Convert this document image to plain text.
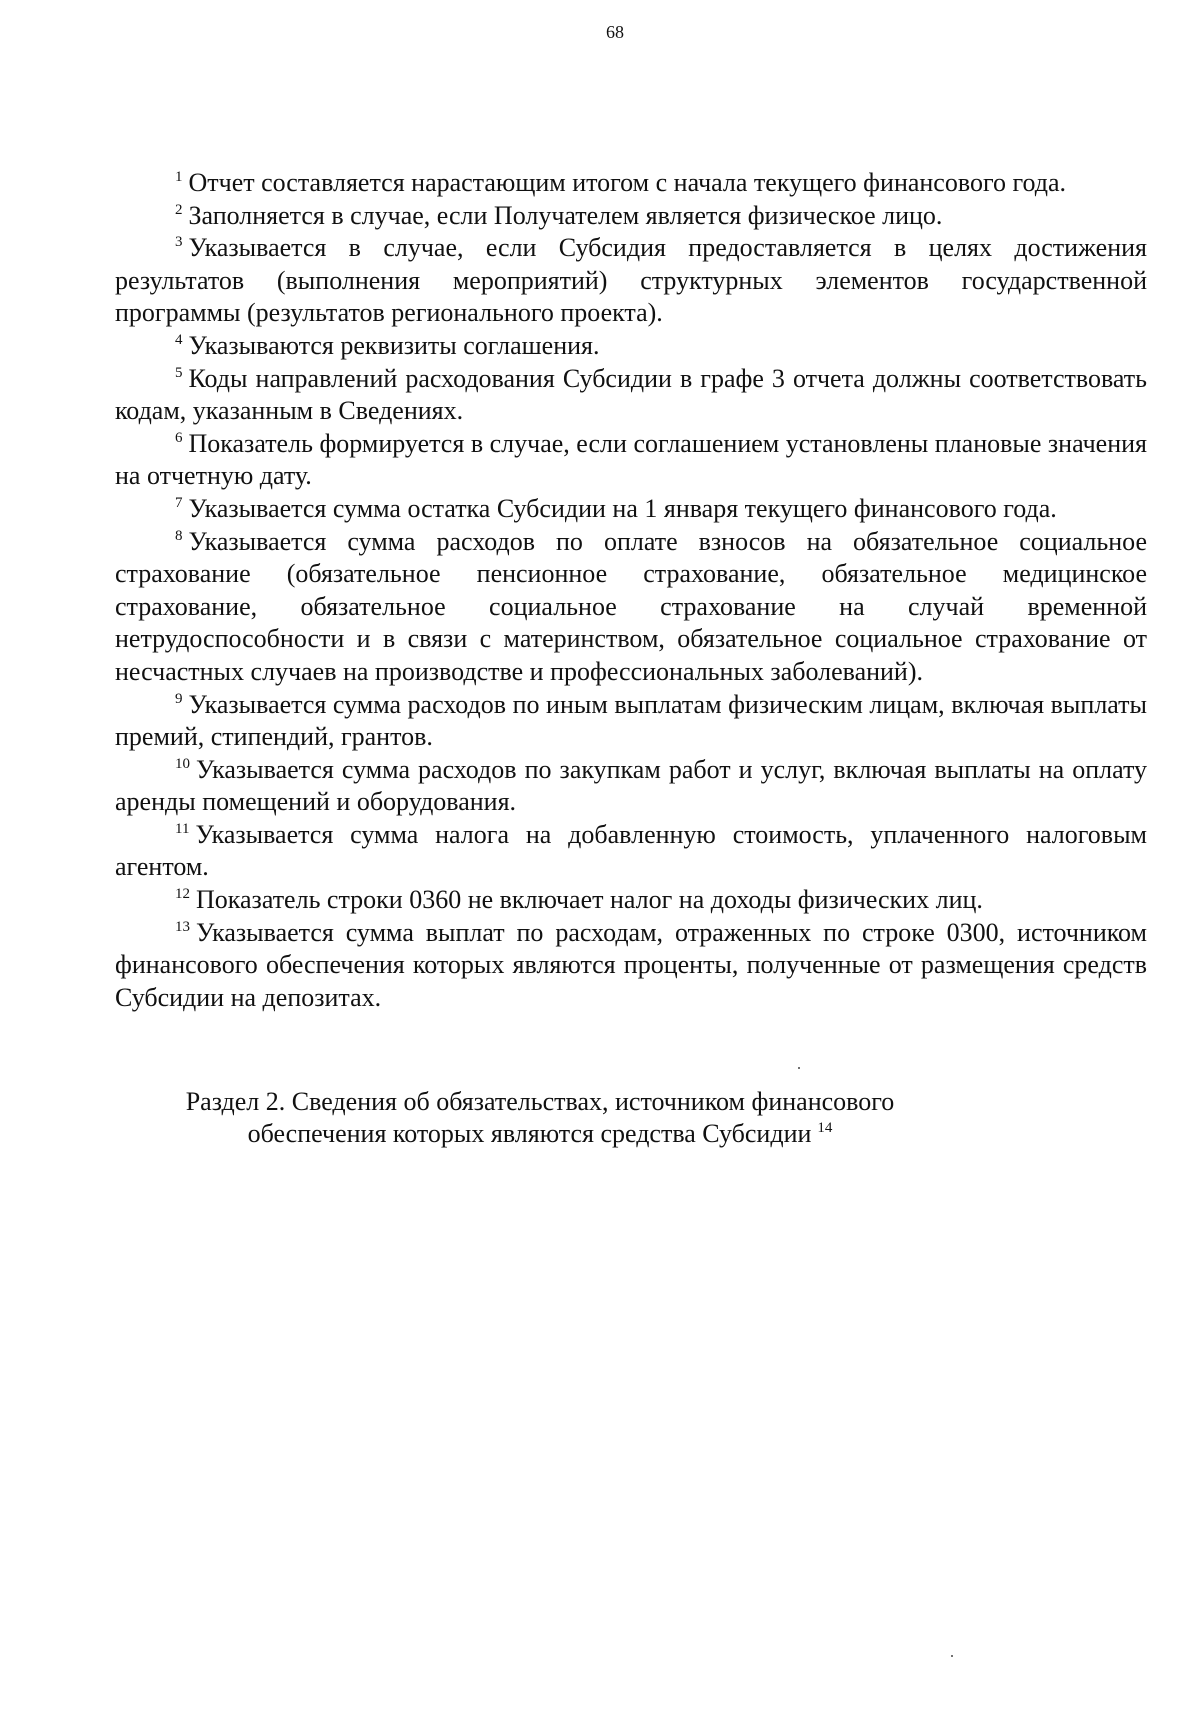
68

$^1$ Отчет составляется нарастающим итогом с начала текущего финансового года.

$^2$ Заполняется в случае, если Получателем является физическое лицо.

$^3$ Указывается в случае, если Субсидия предоставляется в целях достижения результатов (выполнения мероприятий) структурных элементов государственной программы (результатов регионального проекта).

$^4$ Указываются реквизиты соглашения.

$^5$ Коды направлений расходования Субсидии в графе 3 отчета должны соответствовать кодам, указанным в Сведениях.

$^6$ Показатель формируется в случае, если соглашением установлены плановые значения на отчетную дату.

$^7$ Указывается сумма остатка Субсидии на 1 января текущего финансового года.

$^8$ Указывается сумма расходов по оплате взносов на обязательное социальное страхование (обязательное пенсионное страхование, обязательное медицинское страхование, обязательное социальное страхование на случай временной нетрудоспособности и в связи с материнством, обязательное социальное страхование от несчастных случаев на производстве и профессиональных заболеваний).

$^9$ Указывается сумма расходов по иным выплатам физическим лицам, включая выплаты премий, стипендий, грантов.

$^{10}$ Указывается сумма расходов по закупкам работ и услуг, включая выплаты на оплату аренды помещений и оборудования.

$^{11}$ Указывается сумма налога на добавленную стоимость, уплаченного налоговым агентом.

$^{12}$ Показатель строки 0360 не включает налог на доходы физических лиц.

$^{13}$ Указывается сумма выплат по расходам, отраженных по строке 0300, источником финансового обеспечения которых являются проценты, полученные от размещения средств Субсидии на депозитах.

Раздел 2. Сведения об обязательствах, источником финансового
обеспечения которых являются средства Субсидии $^{14}$
